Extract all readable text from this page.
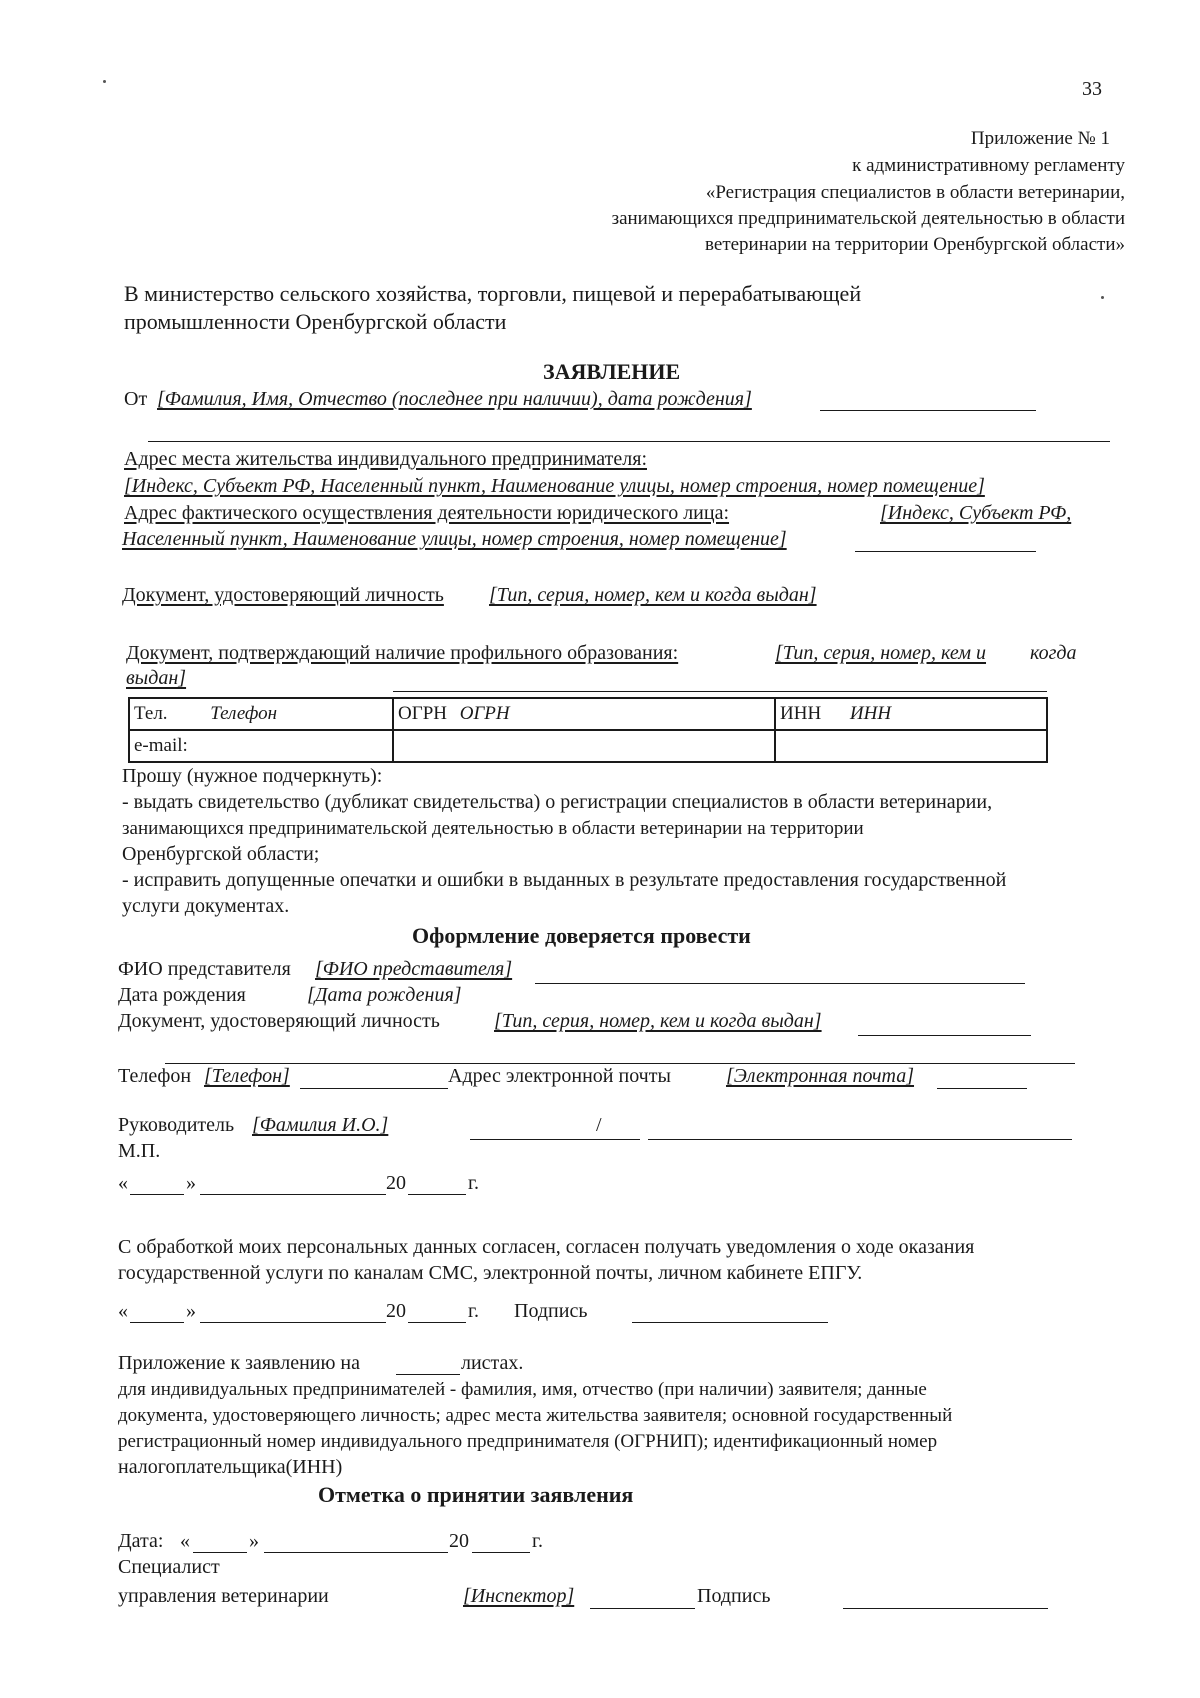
33
Приложение № 1
к административному регламенту
«Регистрация специалистов в области ветеринарии,
занимающихся предпринимательской деятельностью в области
ветеринарии на территории Оренбургской области»
В министерство сельского хозяйства, торговли, пищевой и перерабатывающей
промышленности Оренбургской области
ЗАЯВЛЕНИЕ
От [Фамилия, Имя, Отчество (последнее при наличии), дата рождения]
Адрес места жительства индивидуального предпринимателя:
[Индекс, Субъект РФ, Населенный пункт, Наименование улицы, номер строения, номер помещение]
Адрес фактического осуществления деятельности юридического лица:	[Индекс, Субъект РФ,
Населенный пункт, Наименование улицы, номер строения, номер помещение]
Документ, удостоверяющий личность [Тип, серия, номер, кем и когда выдан]
Документ, подтверждающий наличие профильного образования:	[Тип, серия, номер, кем и когда
выдан]
Тел. Телефон	ОГРН ОГРН	ИНН ИНН
e-mail:		
Прошу (нужное подчеркнуть):
- выдать свидетельство (дубликат свидетельства) о регистрации специалистов в области ветеринарии,
занимающихся предпринимательской деятельностью в области ветеринарии на территории
Оренбургской области;
- исправить допущенные опечатки и ошибки в выданных в результате предоставления государственной
услуги документах.
Оформление доверяется провести
ФИО представителя [ФИО представителя]
Дата рождения	[Дата рождения]
Документ, удостоверяющий личность	[Тип, серия, номер, кем и когда выдан]
Телефон [Телефон]	Адрес электронной почты	[Электронная почта]
Руководитель [Фамилия И.О.]	/
М.П.
«	»	20	г.
С обработкой моих персональных данных согласен, согласен получать уведомления о ходе оказания
государственной услуги по каналам СМС, электронной почты, личном кабинете ЕПГУ.
«	»	20	г. Подпись
Приложение к заявлению на	листах.
для индивидуальных предпринимателей - фамилия, имя, отчество (при наличии) заявителя; данные
документа, удостоверяющего личность; адрес места жительства заявителя; основной государственный
регистрационный номер индивидуального предпринимателя (ОГРНИП); идентификационный номер
налогоплательщика(ИНН)
Отметка о принятии заявления
Дата: «	»	20	г.
Специалист
управления ветеринарии	[Инспектор]	Подпись
